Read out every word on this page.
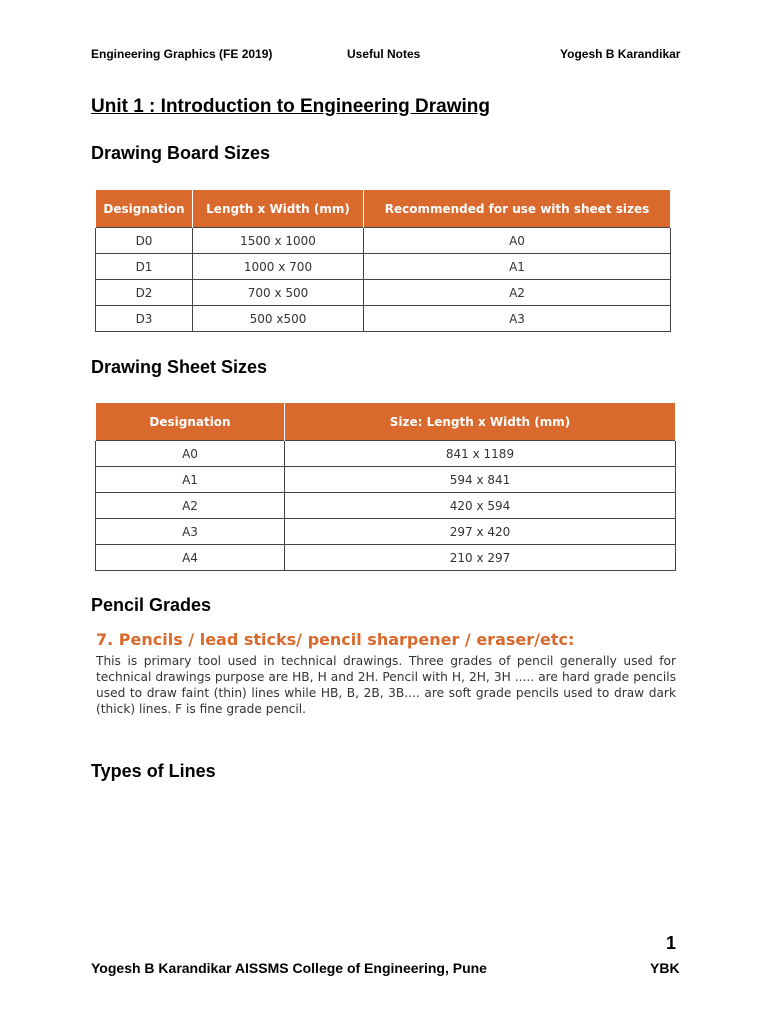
Engineering Graphics (FE 2019)	Useful Notes	Yogesh B Karandikar
Unit 1 : Introduction to Engineering Drawing
Drawing Board Sizes
Designation	Length x Width (mm)	Recommended for use with sheet sizes
D0	1500 x 1000	A0
D1	1000 x 700	A1
D2	700 x 500	A2
D3	500 x500	A3
Drawing Sheet Sizes
Designation	Size: Length x Width (mm)
A0	841 x 1189
A1	594 x 841
A2	420 x 594
A3	297 x 420
A4	210 x 297
Pencil Grades

7. Pencils / lead sticks/ pencil sharpener / eraser/etc:

This is primary tool used in technical drawings. Three grades of pencil generally used for technical drawings purpose are HB, H and 2H. Pencil with H, 2H, 3H ..... are hard grade pencils used to draw faint (thin) lines while HB, B, 2B, 3B.... are soft grade pencils used to draw dark (thick) lines. F is fine grade pencil.

Types of Lines
1
Yogesh B Karandikar AISSMS College of Engineering, Pune	YBK
